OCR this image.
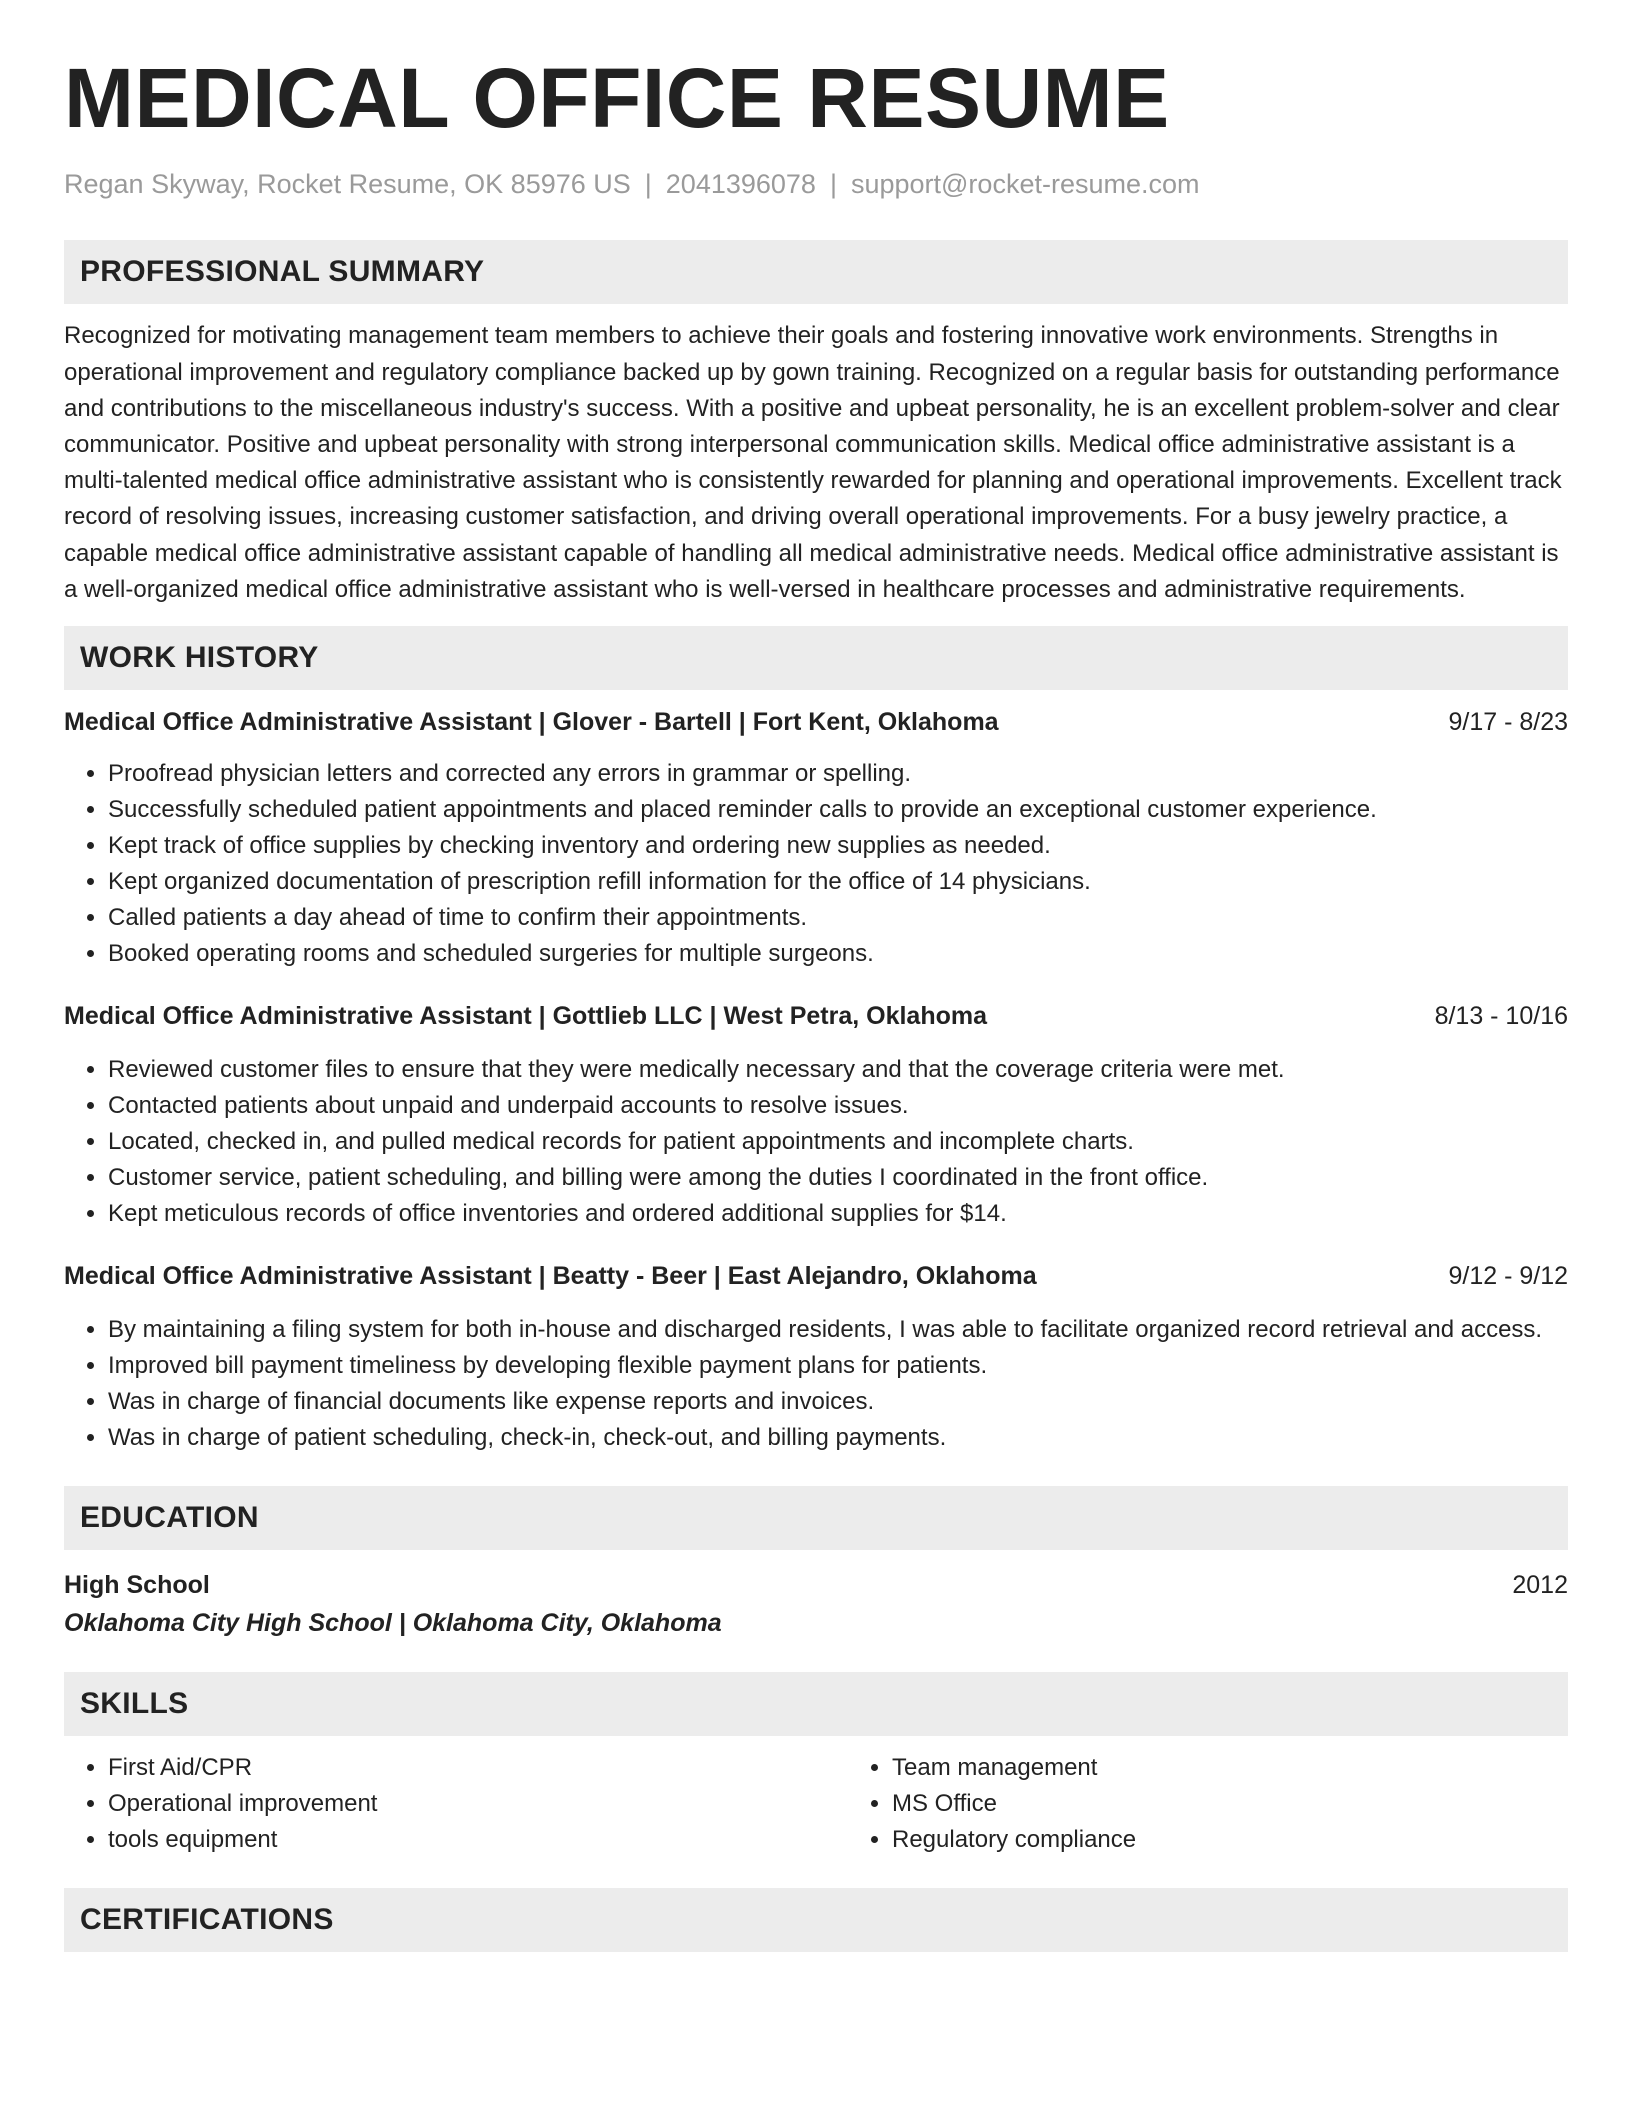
MEDICAL OFFICE RESUME
Regan Skyway, Rocket Resume, OK 85976 US | 2041396078 | support@rocket-resume.com
PROFESSIONAL SUMMARY

Recognized for motivating management team members to achieve their goals and fostering innovative work environments. Strengths in operational improvement and regulatory compliance backed up by gown training. Recognized on a regular basis for outstanding performance and contributions to the miscellaneous industry's success. With a positive and upbeat personality, he is an excellent problem-solver and clear communicator. Positive and upbeat personality with strong interpersonal communication skills. Medical office administrative assistant is a multi-talented medical office administrative assistant who is consistently rewarded for planning and operational improvements. Excellent track record of resolving issues, increasing customer satisfaction, and driving overall operational improvements. For a busy jewelry practice, a capable medical office administrative assistant capable of handling all medical administrative needs. Medical office administrative assistant is a well-organized medical office administrative assistant who is well-versed in healthcare processes and administrative requirements.

WORK HISTORY
Medical Office Administrative Assistant | Glover - Bartell | Fort Kent, Oklahoma	9/17 - 8/23
• Proofread physician letters and corrected any errors in grammar or spelling.
• Successfully scheduled patient appointments and placed reminder calls to provide an exceptional customer experience.
• Kept track of office supplies by checking inventory and ordering new supplies as needed.
• Kept organized documentation of prescription refill information for the office of 14 physicians.
• Called patients a day ahead of time to confirm their appointments.
• Booked operating rooms and scheduled surgeries for multiple surgeons.
Medical Office Administrative Assistant | Gottlieb LLC | West Petra, Oklahoma	8/13 - 10/16
• Reviewed customer files to ensure that they were medically necessary and that the coverage criteria were met.
• Contacted patients about unpaid and underpaid accounts to resolve issues.
• Located, checked in, and pulled medical records for patient appointments and incomplete charts.
• Customer service, patient scheduling, and billing were among the duties I coordinated in the front office.
• Kept meticulous records of office inventories and ordered additional supplies for $14.
Medical Office Administrative Assistant | Beatty - Beer | East Alejandro, Oklahoma	9/12 - 9/12
• By maintaining a filing system for both in-house and discharged residents, I was able to facilitate organized record retrieval and access.
• Improved bill payment timeliness by developing flexible payment plans for patients.
• Was in charge of financial documents like expense reports and invoices.
• Was in charge of patient scheduling, check-in, check-out, and billing payments.
EDUCATION
High School	2012
Oklahoma City High School | Oklahoma City, Oklahoma
SKILLS
• First Aid/CPR
• Operational improvement
• tools equipment
• Team management
• MS Office
• Regulatory compliance
CERTIFICATIONS
